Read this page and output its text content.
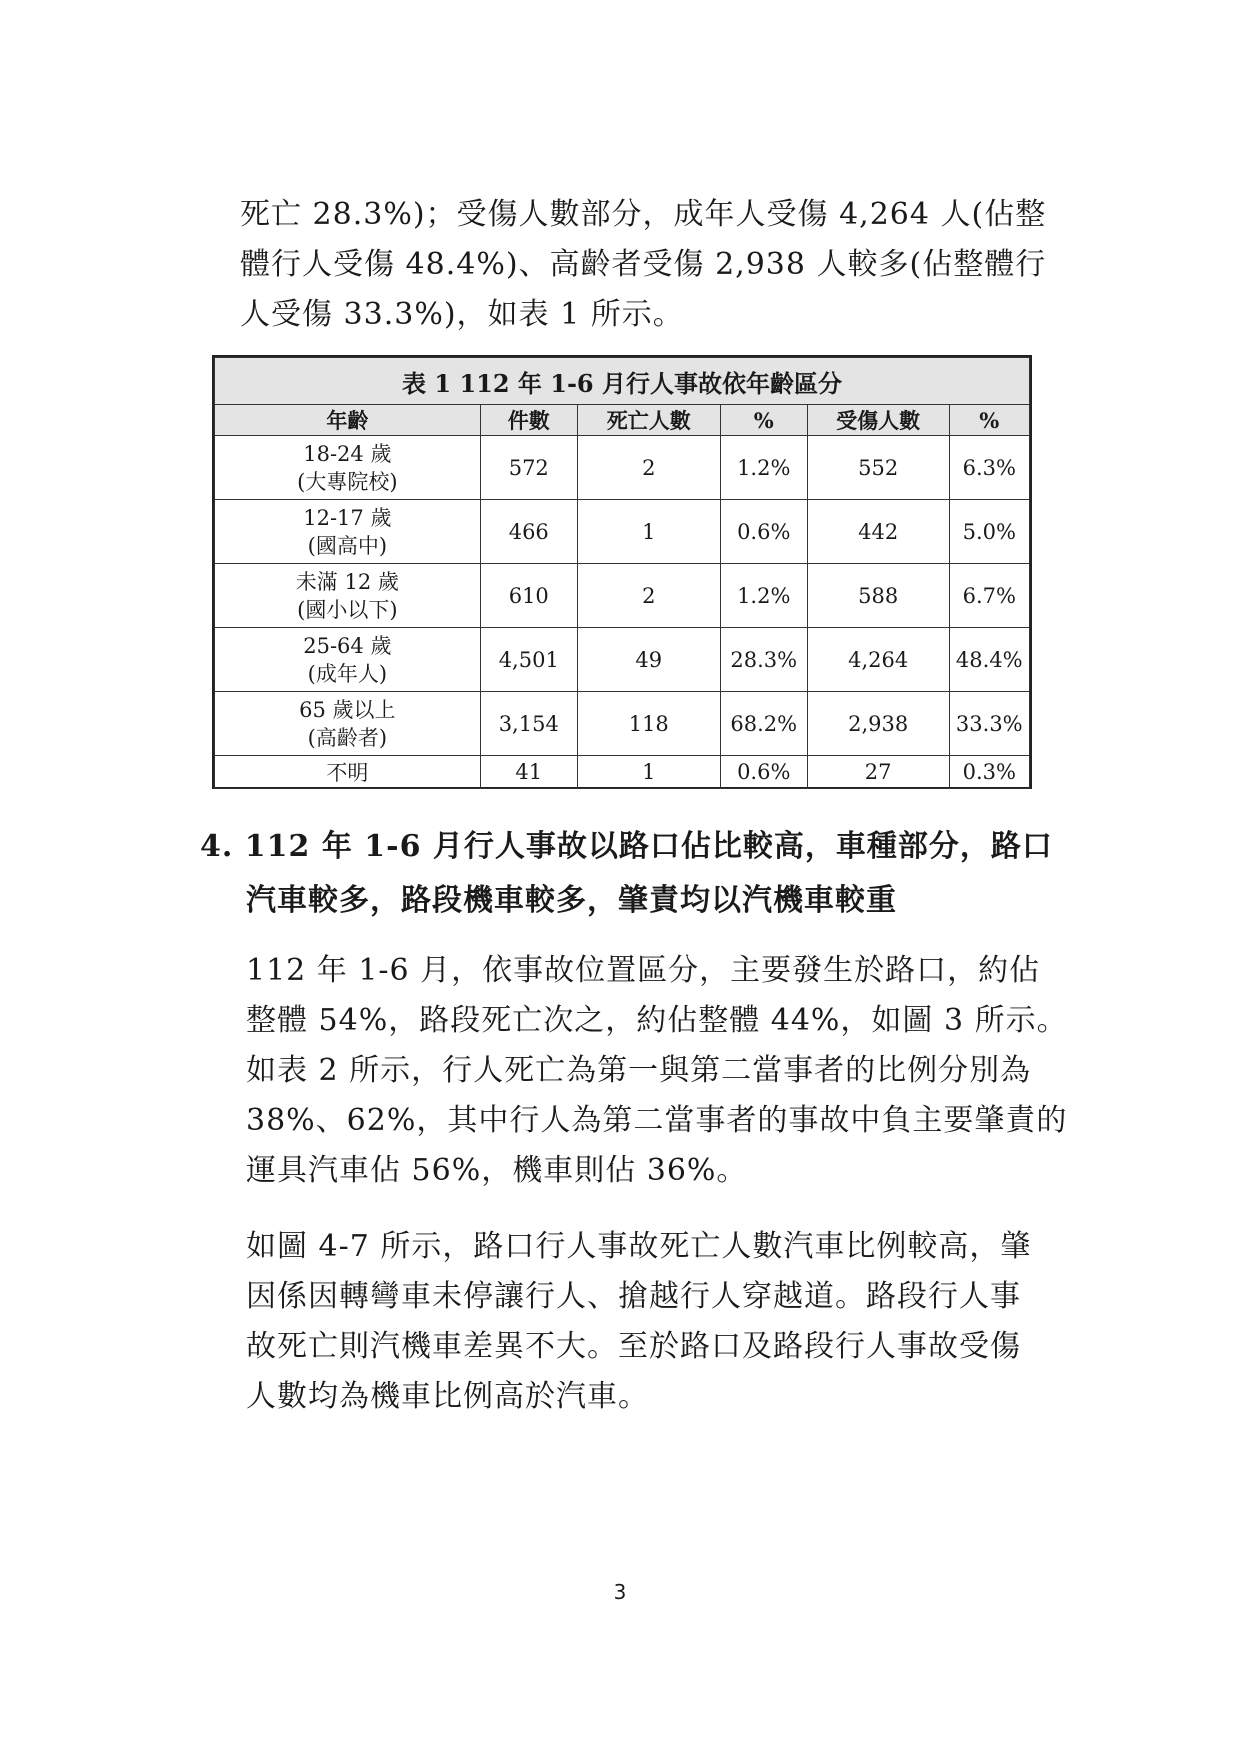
死亡 28.3%)；受傷人數部分，成年人受傷 4,264 人(佔整
體行人受傷 48.4%)、高齡者受傷 2,938 人較多(佔整體行
人受傷 33.3%)，如表 1 所示。
表 1 112 年 1-6 月行人事故依年齡區分					
年齡	件數	死亡人數	%	受傷人數	%

18-24 歲
(大專院校)	572	2	1.2%	552	6.3%

12-17 歲
(國高中)	466	1	0.6%	442	5.0%

未滿 12 歲
(國小以下)	610	2	1.2%	588	6.7%

25-64 歲
(成年人)	4,501	49	28.3%	4,264	48.4%

65 歲以上
(高齡者)	3,154	118	68.2%	2,938	33.3%
不明	41	1	0.6%	27	0.3%
4. 112 年 1-6 月行人事故以路口佔比較高，車種部分，路口
汽車較多，路段機車較多，肇責均以汽機車較重
112 年 1-6 月，依事故位置區分，主要發生於路口，約佔
整體 54%，路段死亡次之，約佔整體 44%，如圖 3 所示。
如表 2 所示，行人死亡為第一與第二當事者的比例分別為
38%、62%，其中行人為第二當事者的事故中負主要肇責的
運具汽車佔 56%，機車則佔 36%。
如圖 4-7 所示，路口行人事故死亡人數汽車比例較高，肇
因係因轉彎車未停讓行人、搶越行人穿越道。路段行人事
故死亡則汽機車差異不大。至於路口及路段行人事故受傷
人數均為機車比例高於汽車。
3
